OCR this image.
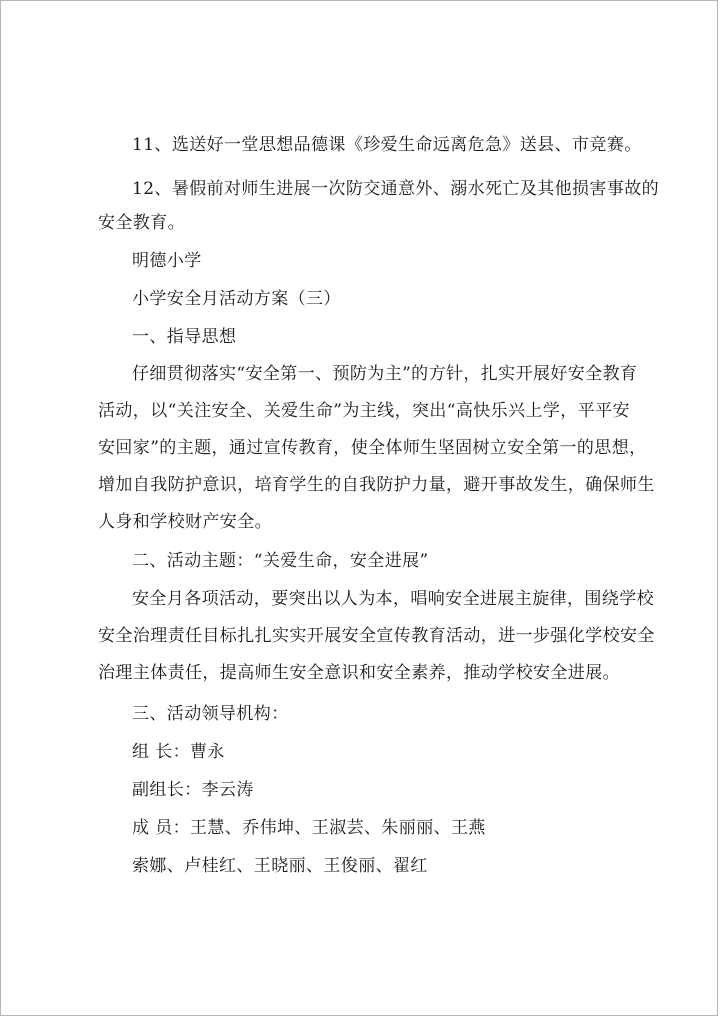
11、选送好一堂思想品德课《珍爱生命远离危急》送县、市竞赛。
12、暑假前对师生进展一次防交通意外、溺水死亡及其他损害事故的
安全教育。
明德小学
小学安全月活动方案（三）
一、指导思想
仔细贯彻落实“安全第一、预防为主”的方针，扎实开展好安全教育
活动，以“关注安全、关爱生命”为主线，突出“高快乐兴上学，平平安
安回家”的主题，通过宣传教育，使全体师生坚固树立安全第一的思想，
增加自我防护意识，培育学生的自我防护力量，避开事故发生，确保师生
人身和学校财产安全。
二、活动主题：“关爱生命，安全进展”
安全月各项活动，要突出以人为本，唱响安全进展主旋律，围绕学校
安全治理责任目标扎扎实实开展安全宣传教育活动，进一步强化学校安全
治理主体责任，提高师生安全意识和安全素养，推动学校安全进展。
三、活动领导机构：
组 长：曹永
副组长：李云涛
成 员：王慧、乔伟坤、王淑芸、朱丽丽、王燕
索娜、卢桂红、王晓丽、王俊丽、翟红
